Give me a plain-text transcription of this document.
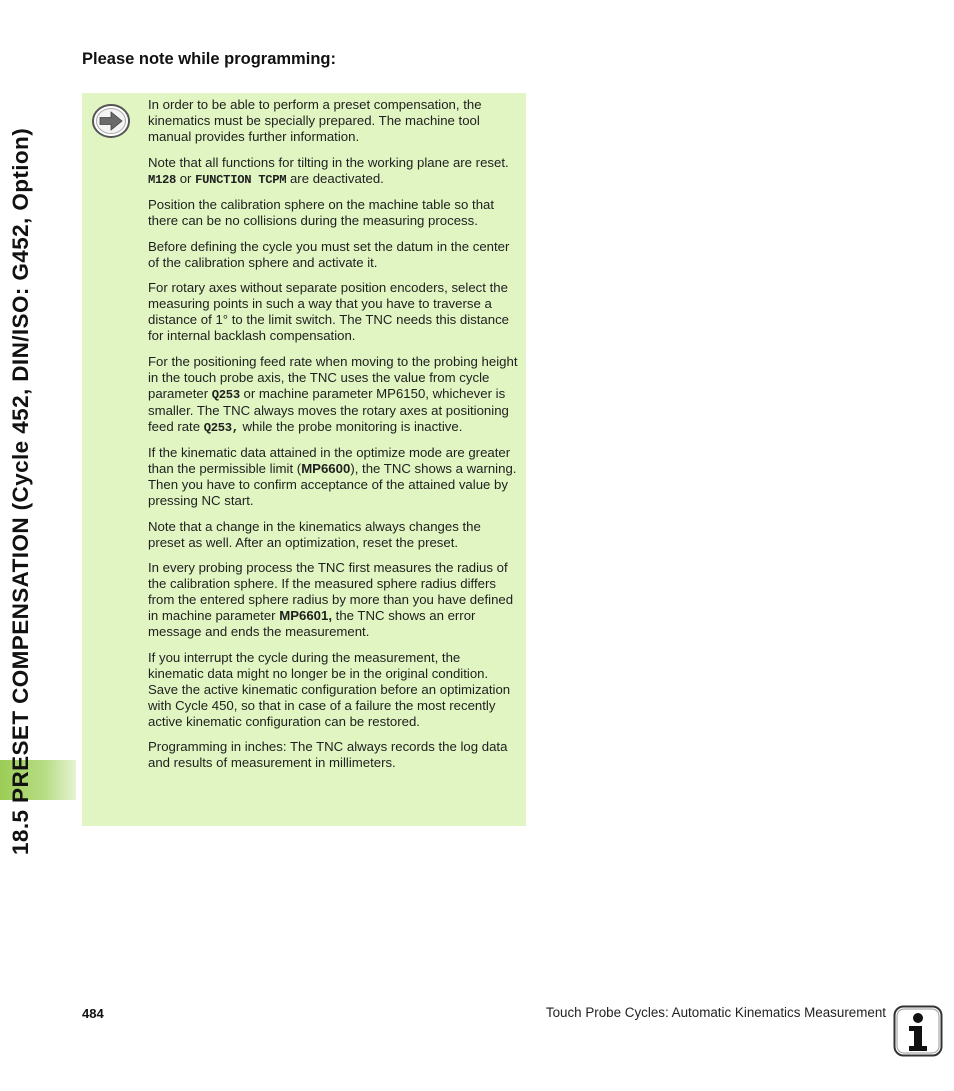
18.5 PRESET COMPENSATION (Cycle 452, DIN/ISO: G452, Option)
Please note while programming:

In order to be able to perform a preset compensation, the kinematics must be specially prepared. The machine tool manual provides further information.

Note that all functions for tilting in the working plane are reset. M128 or FUNCTION TCPM are deactivated.

Position the calibration sphere on the machine table so that there can be no collisions during the measuring process.

Before defining the cycle you must set the datum in the center of the calibration sphere and activate it.

For rotary axes without separate position encoders, select the measuring points in such a way that you have to traverse a distance of 1° to the limit switch. The TNC needs this distance for internal backlash compensation.

For the positioning feed rate when moving to the probing height in the touch probe axis, the TNC uses the value from cycle parameter Q253 or machine parameter MP6150, whichever is smaller. The TNC always moves the rotary axes at positioning feed rate Q253, while the probe monitoring is inactive.

If the kinematic data attained in the optimize mode are greater than the permissible limit (MP6600), the TNC shows a warning. Then you have to confirm acceptance of the attained value by pressing NC start.

Note that a change in the kinematics always changes the preset as well. After an optimization, reset the preset.

In every probing process the TNC first measures the radius of the calibration sphere. If the measured sphere radius differs from the entered sphere radius by more than you have defined in machine parameter MP6601, the TNC shows an error message and ends the measurement.

If you interrupt the cycle during the measurement, the kinematic data might no longer be in the original condition. Save the active kinematic configuration before an optimization with Cycle 450, so that in case of a failure the most recently active kinematic configuration can be restored.

Programming in inches: The TNC always records the log data and results of measurement in millimeters.

484	Touch Probe Cycles: Automatic Kinematics Measurement
